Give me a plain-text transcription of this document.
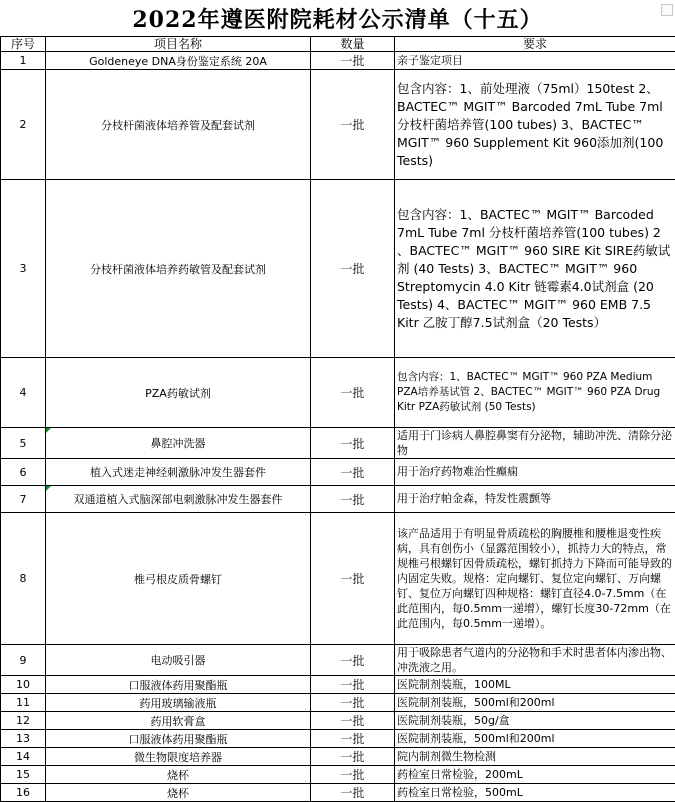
2022年遵医附院耗材公示清单（十五）
序号	项目名称	数量	要求
1	Goldeneye DNA身份鉴定系统 20A	一批	亲子鉴定项目
2	分枝杆菌液体培养管及配套试剂	一批	包含内容：1、前处理液（75ml）150test 2、BACTEC™ MGIT™ Barcoded 7mL Tube 7ml 分枝杆菌培养管(100 tubes) 3、BACTEC™ MGIT™ 960 Supplement Kit 960添加剂(100 Tests)
3	分枝杆菌液体培养药敏管及配套试剂	一批	包含内容：1、BACTEC™ MGIT™ Barcoded 7mL Tube 7ml 分枝杆菌培养管(100 tubes) 2 、BACTEC™ MGIT™ 960 SIRE Kit SIRE药敏试剂 (40 Tests) 3、BACTEC™ MGIT™ 960 Streptomycin 4.0 Kitr 链霉素4.0试剂盒 (20 Tests) 4、BACTEC™ MGIT™ 960 EMB 7.5 Kitr 乙胺丁醇7.5试剂盒（20 Tests）
4	PZA药敏试剂	一批	包含内容：1、BACTEC™ MGIT™ 960 PZA Medium PZA培养基试管 2、BACTEC™ MGIT™ 960 PZA Drug Kitr PZA药敏试剂 (50 Tests)
5	鼻腔冲洗器	一批	适用于门诊病人鼻腔鼻窦有分泌物，辅助冲洗、清除分泌物
6	植入式迷走神经刺激脉冲发生器套件	一批	用于治疗药物难治性癫痫
7	双通道植入式脑深部电刺激脉冲发生器套件	一批	用于治疗帕金森，特发性震颤等
8	椎弓根皮质骨螺钉	一批	该产品适用于有明显骨质疏松的胸腰椎和腰椎退变性疾病，具有创伤小（显露范围较小），抓持力大的特点，常规椎弓根螺钉因骨质疏松，螺钉抓持力下降而可能导致的内固定失败。规格：定向螺钉、复位定向螺钉、万向螺钉、复位万向螺钉四种规格：螺钉直径4.0-7.5mm（在此范围内，每0.5mm一递增），螺钉长度30-72mm（在此范围内，每0.5mm一递增）。
9	电动吸引器	一批	用于吸除患者气道内的分泌物和手术时患者体内渗出物、冲洗液之用。
10	口服液体药用聚酯瓶	一批	医院制剂装瓶，100ML
11	药用玻璃输液瓶	一批	医院制剂装瓶，500ml和200ml
12	药用软膏盒	一批	医院制剂装瓶，50g/盒
13	口服液体药用聚酯瓶	一批	医院制剂装瓶，500ml和200ml
14	微生物限度培养器	一批	院内制剂微生物检测
15	烧杯	一批	药检室日常检验，200mL
16	烧杯	一批	药检室日常检验，500mL
